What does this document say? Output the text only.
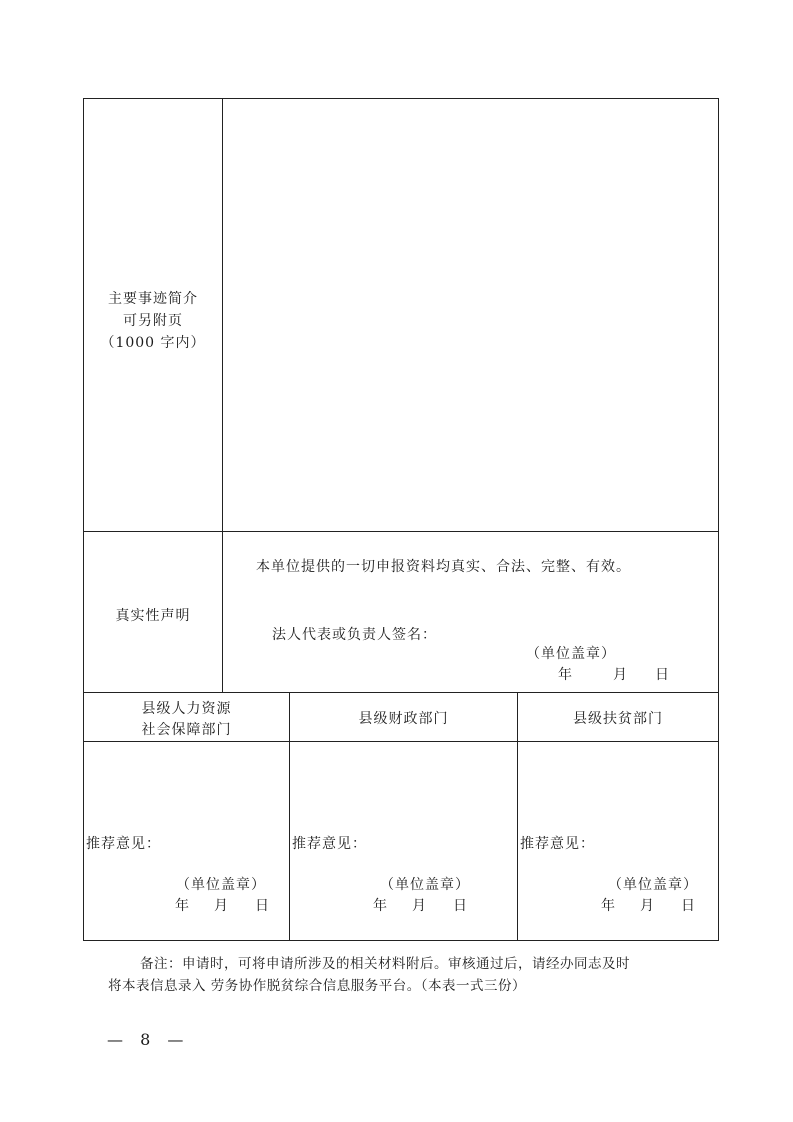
主要事迹简介
可另附页
（1000 字内）
真实性声明
本单位提供的一切申报资料均真实、合法、完整、有效。
法人代表或负责人签名：
（单位盖章）
年	月 日
县级人力资源
社会保障部门
县级财政部门	县级扶贫部门
推荐意见：
（单位盖章）
年 月 日
推荐意见：
（单位盖章）
年 月 日
推荐意见：
（单位盖章）
年 月 日
备注：申请时，可将申请所涉及的相关材料附后。审核通过后，请经办同志及时
将本表信息录入 劳务协作脱贫综合信息服务平台。（本表一式三份）
— 8 —
